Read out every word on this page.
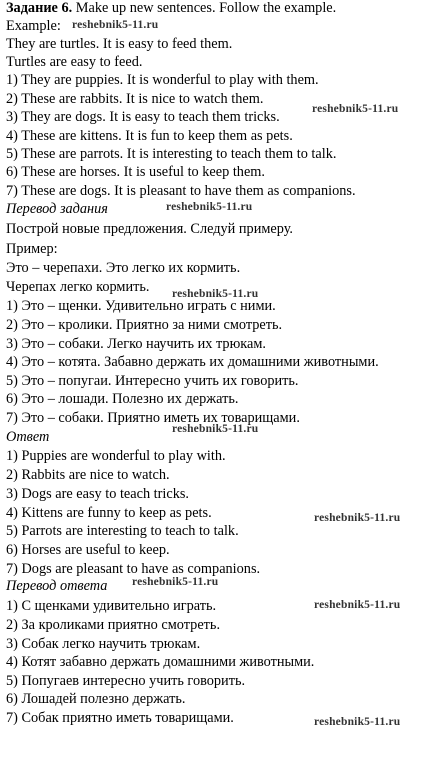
Задание 6. Make up new sentences. Follow the example.
Example:
They are turtles. It is easy to feed them.
Turtles are easy to feed.
1) They are puppies. It is wonderful to play with them.
2) These are rabbits. It is nice to watch them.
3) They are dogs. It is easy to teach them tricks.
4) These are kittens. It is fun to keep them as pets.
5) These are parrots. It is interesting to teach them to talk.
6) These are horses. It is useful to keep them.
7) These are dogs. It is pleasant to have them as companions.
Перевод задания
Построй новые предложения. Следуй примеру.
Пример:
Это – черепахи. Это легко их кормить.
Черепах легко кормить.
1) Это – щенки. Удивительно играть с ними.
2) Это – кролики. Приятно за ними смотреть.
3) Это – собаки. Легко научить их трюкам.
4) Это – котята. Забавно держать их домашними животными.
5) Это – попугаи. Интересно учить их говорить.
6) Это – лошади. Полезно их держать.
7) Это – собаки. Приятно иметь их товарищами.
Ответ
1) Puppies are wonderful to play with.
2) Rabbits are nice to watch.
3) Dogs are easy to teach tricks.
4) Kittens are funny to keep as pets.
5) Parrots are interesting to teach to talk.
6) Horses are useful to keep.
7) Dogs are pleasant to have as companions.
Перевод ответа
1) С щенками удивительно играть.
2) За кроликами приятно смотреть.
3) Собак легко научить трюкам.
4) Котят забавно держать домашними животными.
5) Попугаев интересно учить говорить.
6) Лошадей полезно держать.
7) Собак приятно иметь товарищами.
reshebnik5-11.ru
reshebnik5-11.ru
reshebnik5-11.ru
reshebnik5-11.ru
reshebnik5-11.ru
reshebnik5-11.ru
reshebnik5-11.ru
reshebnik5-11.ru
reshebnik5-11.ru
